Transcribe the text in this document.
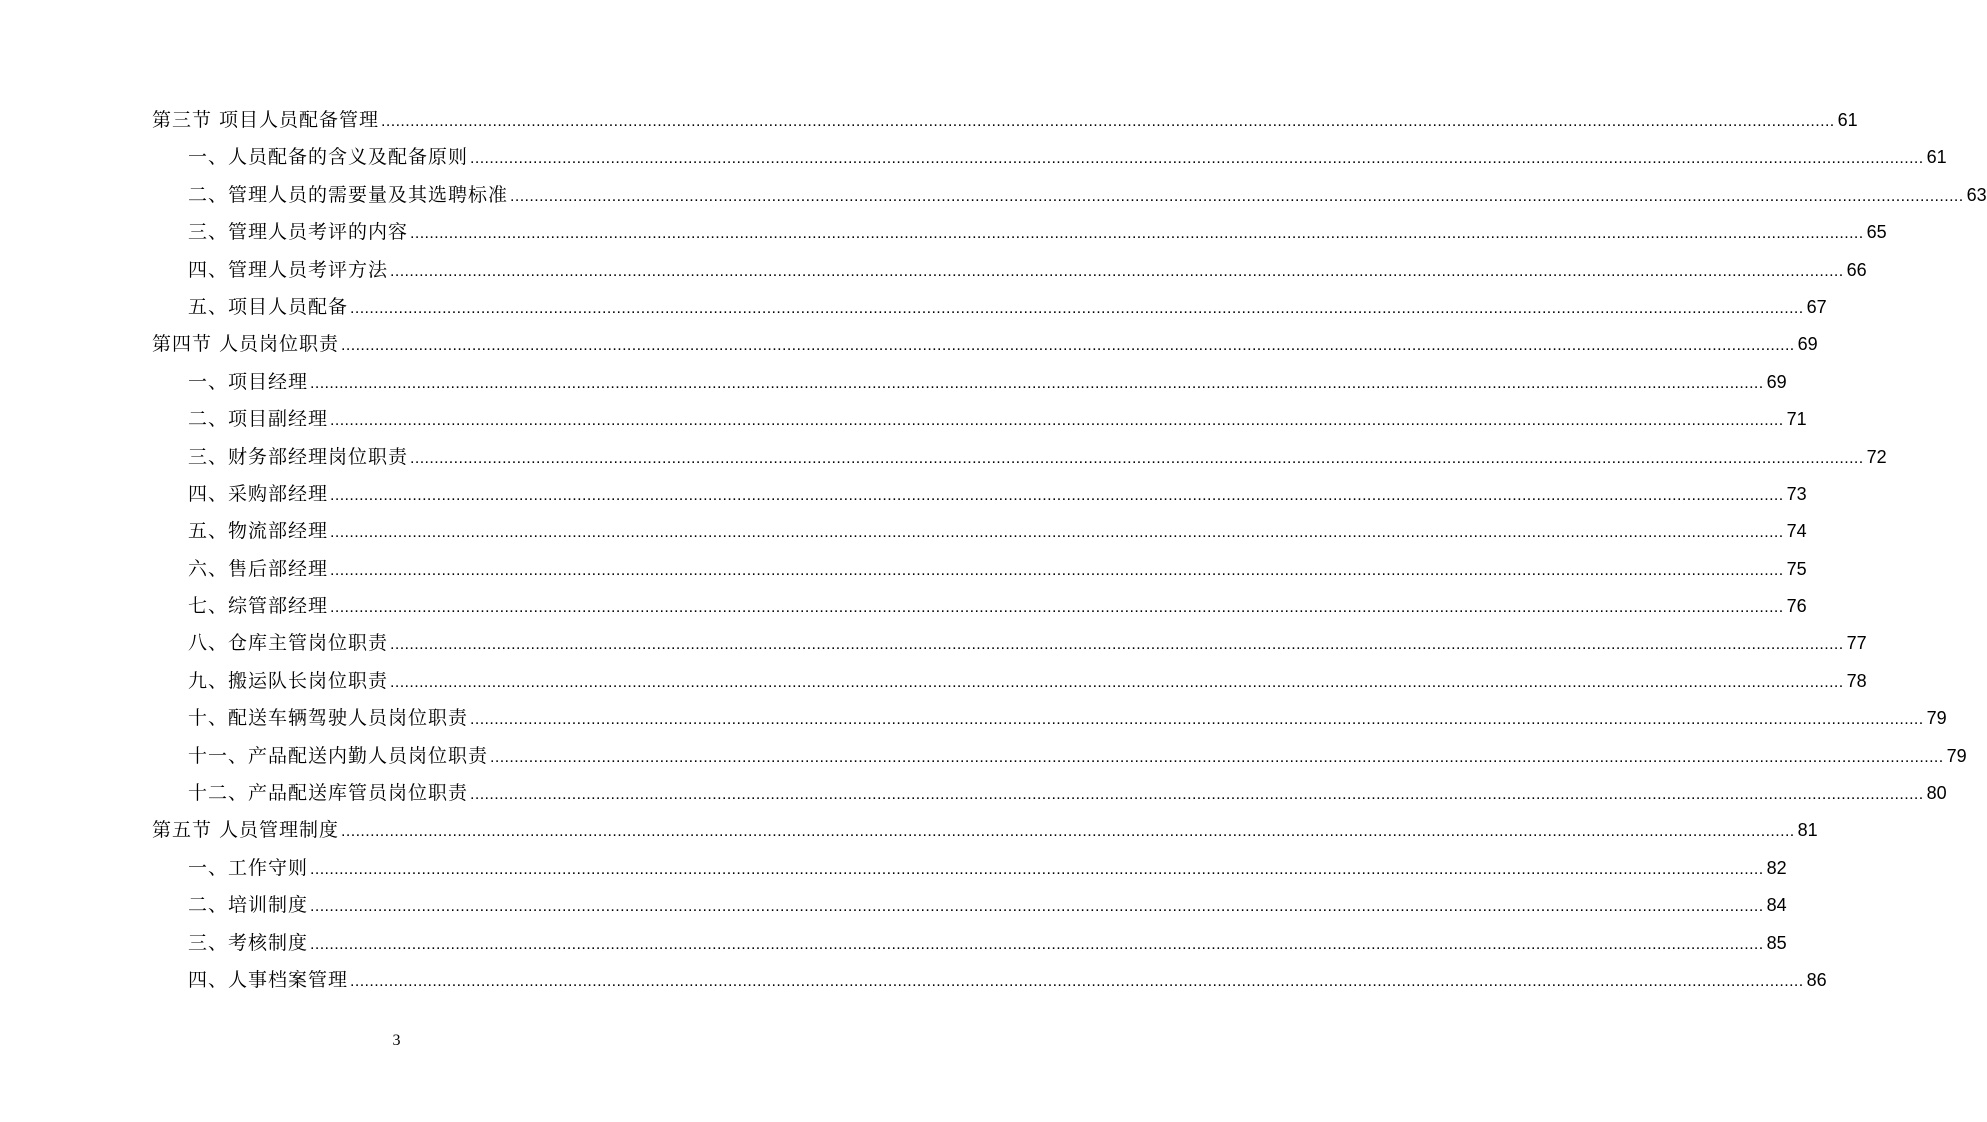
第三节 项目人员配备管理 ............................................................................................................................................................................................................................................................................................................ 61
一、人员配备的含义及配备原则 ............................................................................................................................................................................................................................................................................................................ 61
二、管理人员的需要量及其选聘标准 ............................................................................................................................................................................................................................................................................................................ 63
三、管理人员考评的内容 ............................................................................................................................................................................................................................................................................................................ 65
四、管理人员考评方法 ............................................................................................................................................................................................................................................................................................................ 66
五、项目人员配备 ............................................................................................................................................................................................................................................................................................................ 67
第四节 人员岗位职责 ............................................................................................................................................................................................................................................................................................................ 69
一、项目经理 ............................................................................................................................................................................................................................................................................................................ 69
二、项目副经理 ............................................................................................................................................................................................................................................................................................................ 71
三、财务部经理岗位职责 ............................................................................................................................................................................................................................................................................................................ 72
四、采购部经理 ............................................................................................................................................................................................................................................................................................................ 73
五、物流部经理 ............................................................................................................................................................................................................................................................................................................ 74
六、售后部经理 ............................................................................................................................................................................................................................................................................................................ 75
七、综管部经理 ............................................................................................................................................................................................................................................................................................................ 76
八、仓库主管岗位职责 ............................................................................................................................................................................................................................................................................................................ 77
九、搬运队长岗位职责 ............................................................................................................................................................................................................................................................................................................ 78
十、配送车辆驾驶人员岗位职责 ............................................................................................................................................................................................................................................................................................................ 79
十一、产品配送内勤人员岗位职责 ............................................................................................................................................................................................................................................................................................................ 79
十二、产品配送库管员岗位职责 ............................................................................................................................................................................................................................................................................................................ 80
第五节 人员管理制度 ............................................................................................................................................................................................................................................................................................................ 81
一、工作守则 ............................................................................................................................................................................................................................................................................................................ 82
二、培训制度 ............................................................................................................................................................................................................................................................................................................ 84
三、考核制度 ............................................................................................................................................................................................................................................................................................................ 85
四、人事档案管理 ............................................................................................................................................................................................................................................................................................................ 86
3
